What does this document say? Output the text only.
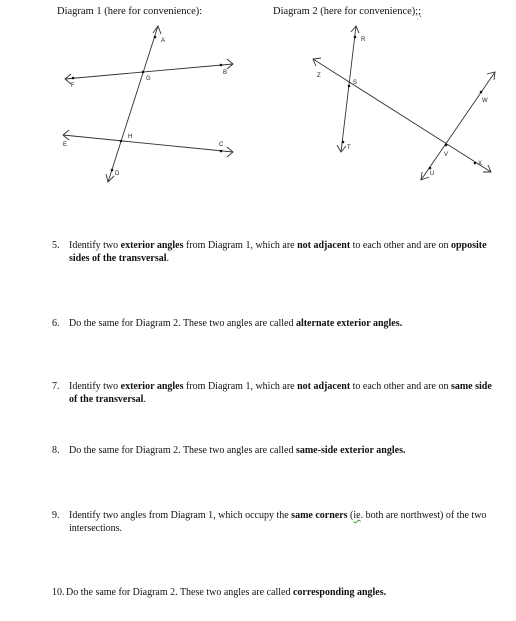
Diagram 1 (here for convenience):	Diagram 2 (here for convenience);;
A
G
B
F
H
E	C
D
R
Z
S
W
T
V
U
X
5. Identify two exterior angles from Diagram 1, which are not adjacent to each other and are on opposite sides of the transversal.
6. Do the same for Diagram 2. These two angles are called alternate exterior angles.
7. Identify two exterior angles from Diagram 1, which are not adjacent to each other and are on same side of the transversal.
8. Do the same for Diagram 2. These two angles are called same-side exterior angles.
9. Identify two angles from Diagram 1, which occupy the same corners (ie. both are northwest) of the two intersections.
10. Do the same for Diagram 2. These two angles are called corresponding angles.
